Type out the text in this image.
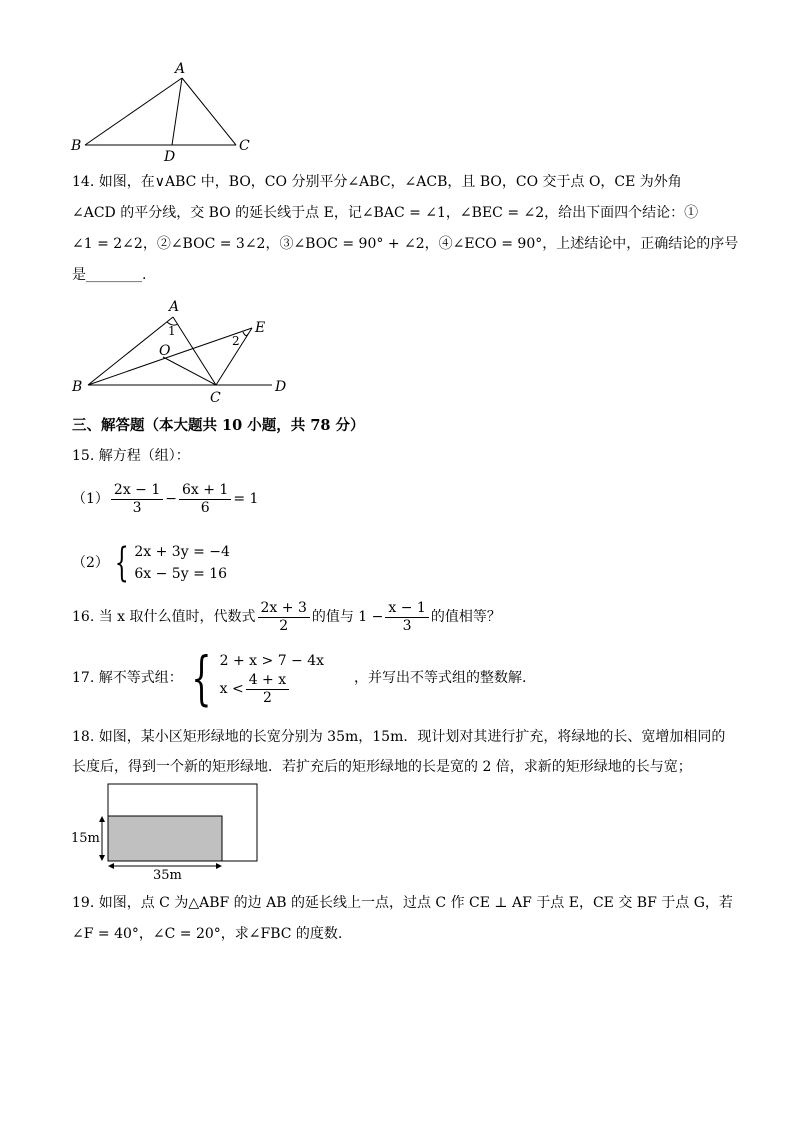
A
B	C
D
14. 如图，在∨ABC 中，BO，CO 分别平分∠ABC，∠ACB，且 BO，CO 交于点 O，CE 为外角
∠ACD 的平分线，交 BO 的延长线于点 E，记∠BAC = ∠1，∠BEC = ∠2，给出下面四个结论：①
∠1 = 2∠2，②∠BOC = 3∠2，③∠BOC = 90° + ∠2，④∠ECO = 90°，上述结论中，正确结论的序号
是________.
A
1
O
2
E
B
C
D
三、解答题（本大题共 10 小题，共 78 分）
15. 解方程（组）：
$(1) \frac{2x - 1}{3} - \frac{6x + 1}{6} = 1$
（2） { 2x + 3y = −4
6x − 5y = 16
16. 当 x 取什么值时，代数式 $\frac{2x + 3}{2}$ 的值与 $1 - \frac{x - 1}{3}$ 的值相等？
17. 解不等式组： { 2 + x > 7 − 4x
$x < \frac{4 + x}{2}$	，并写出不等式组的整数解.
18. 如图，某小区矩形绿地的长宽分别为 35m，15m．现计划对其进行扩充，将绿地的长、宽增加相同的
长度后，得到一个新的矩形绿地．若扩充后的矩形绿地的长是宽的 2 倍，求新的矩形绿地的长与宽；
15m
35m
19. 如图，点 C 为△ABF 的边 AB 的延长线上一点，过点 C 作 CE ⊥ AF 于点 E，CE 交 BF 于点 G，若
∠F = 40°，∠C = 20°，求∠FBC 的度数.
